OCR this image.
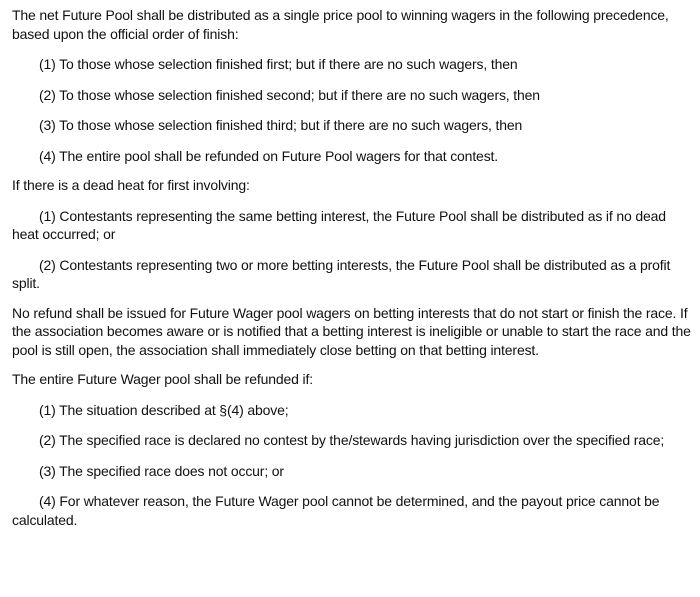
The net Future Pool shall be distributed as a single price pool to winning wagers in the following precedence, based upon the official order of finish:

(1) To those whose selection finished first; but if there are no such wagers, then

(2) To those whose selection finished second; but if there are no such wagers, then

(3) To those whose selection finished third; but if there are no such wagers, then

(4) The entire pool shall be refunded on Future Pool wagers for that contest.

If there is a dead heat for first involving:

(1) Contestants representing the same betting interest, the Future Pool shall be distributed as if no dead heat occurred; or

(2) Contestants representing two or more betting interests, the Future Pool shall be distributed as a profit split.

No refund shall be issued for Future Wager pool wagers on betting interests that do not start or finish the race. If the association becomes aware or is notified that a betting interest is ineligible or unable to start the race and the pool is still open, the association shall immediately close betting on that betting interest.

The entire Future Wager pool shall be refunded if:

(1) The situation described at §(4) above;

(2) The specified race is declared no contest by the/stewards having jurisdiction over the specified race;

(3) The specified race does not occur; or

(4) For whatever reason, the Future Wager pool cannot be determined, and the payout price cannot be calculated.
